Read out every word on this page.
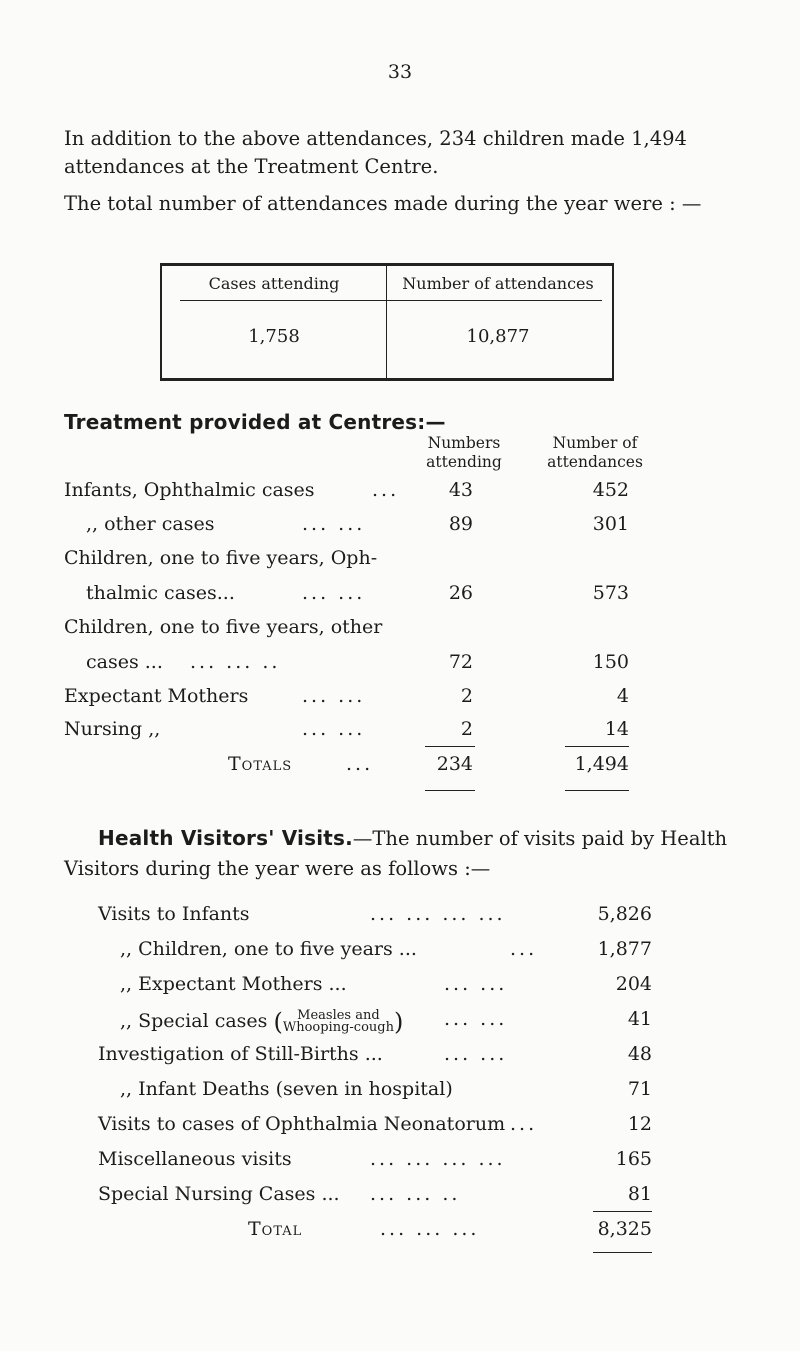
33
In addition to the above attendances, 234 children made 1,494 attendances at the Treatment Centre.
The total number of attendances made during the year were : —
Cases attending	Number of attendances
1,758	10,877
Treatment provided at Centres:—
Numbers
attending
Number of
attendances
Infants, Ophthalmic cases	...	43	452
,, other cases	... ...	89	301
Children, one to five years, Oph-
thalmic cases...	... ...	26	573
Children, one to five years, other
cases ... ... ... ..	72	150
Expectant Mothers	... ...	2	4
Nursing ,,	... ...	2	14
Totals	...	234	1,494
Health Visitors' Visits.—The number of visits paid by Health
Visitors during the year were as follows :—
Visits to Infants	... ... ... ...	5,826
,, Children, one to five years ...	...	1,877
,, Expectant Mothers ...	... ...	204
,, Special cases (	Measles and
Whooping-cough ) ... ...	41
Investigation of Still-Births ...	... ...	48
,, Infant Deaths (seven in hospital)	71
Visits to cases of Ophthalmia Neonatorum ...	12
Miscellaneous visits	... ... ... ...	165
Special Nursing Cases ... ... ... ..	81
Total	... ... ...	8,325
